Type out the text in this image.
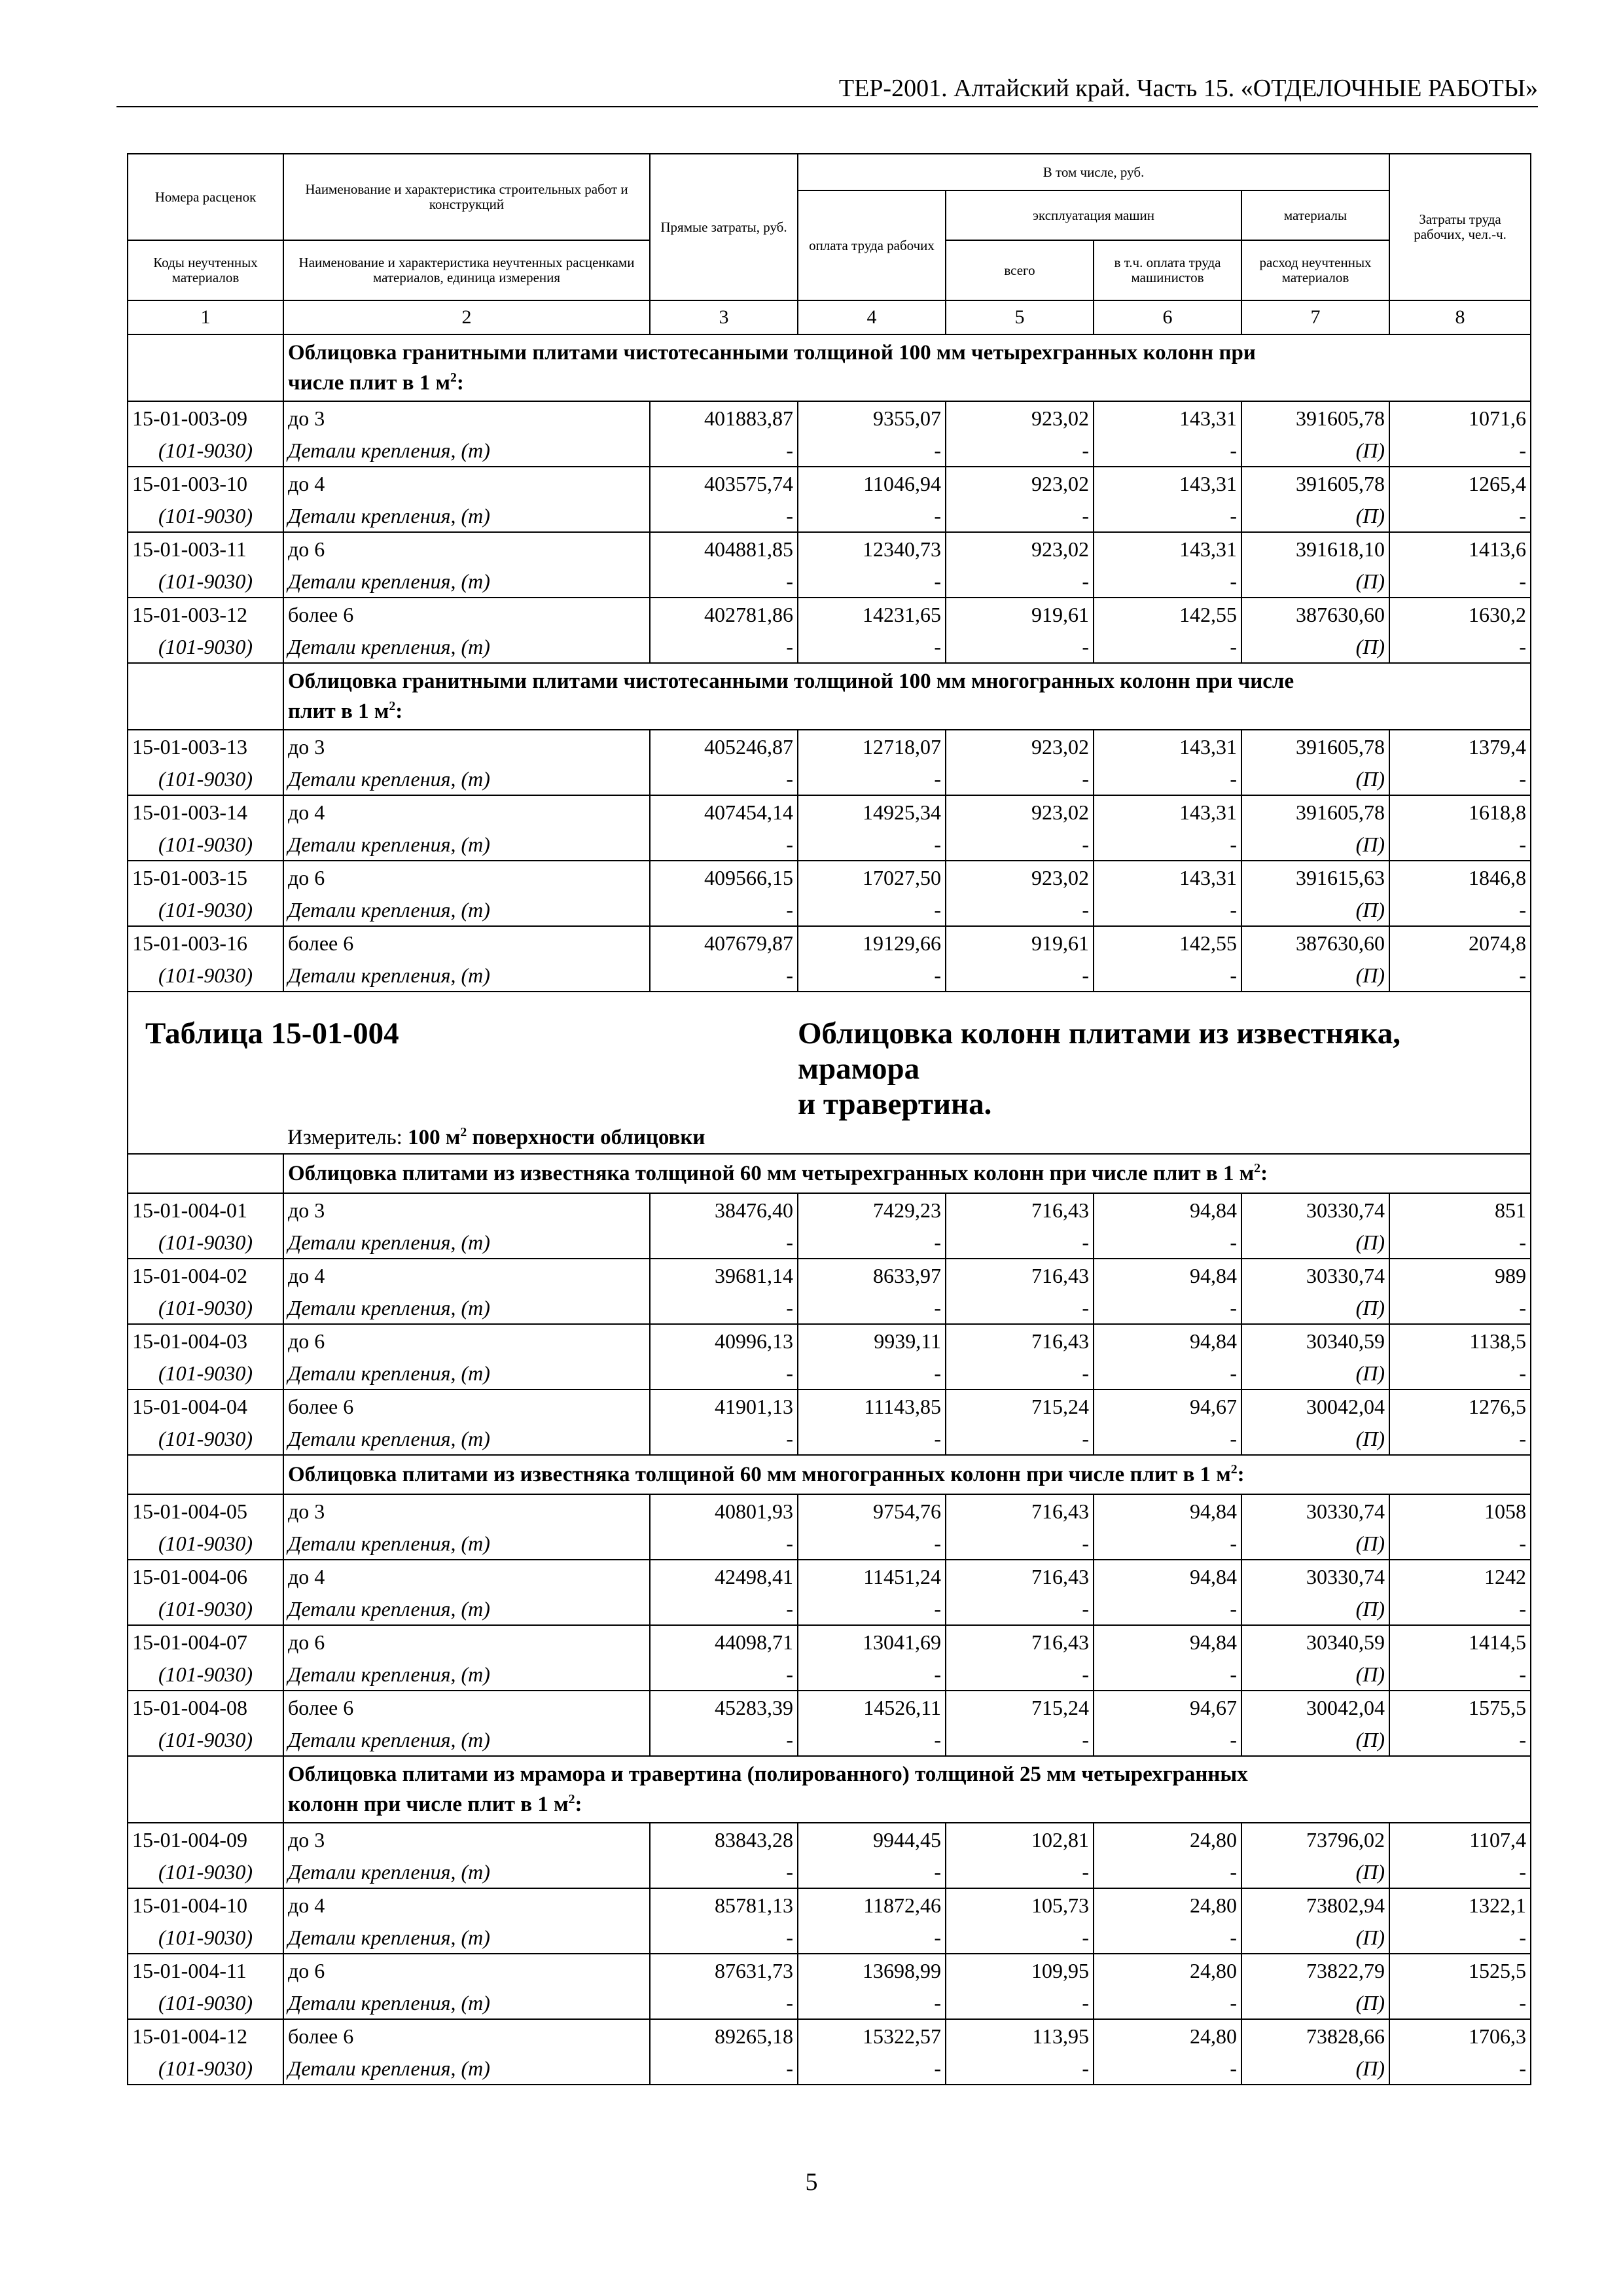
ТЕР-2001. Алтайский край. Часть 15. «ОТДЕЛОЧНЫЕ РАБОТЫ»
Номера расценок	Наименование и характеристика строительных работ и конструкций	Прямые затраты, руб.	В том числе, руб.				Затраты труда рабочих, чел.-ч.
			оплата труда рабочих	эксплуатация машин		материалы	
Коды неучтенных материалов	Наименование и характеристика неучтенных расценками материалов, единица измерения			всего	в т.ч. оплата труда машинистов	расход неучтенных материалов	

1	2	3	4	5	6	7	8
	Облицовка гранитными плитами чистотесанными толщиной 100 мм четырехгранных колонн при
числе плит в 1 $м^2$:						
15-01-003-09	до 3	401883,87	9355,07	923,02	143,31	391605,78	1071,6
(101-9030)	Детали крепления, (т)	-	-	-	-	(П)	-
15-01-003-10	до 4	403575,74	11046,94	923,02	143,31	391605,78	1265,4
(101-9030)	Детали крепления, (т)	-	-	-	-	(П)	-
15-01-003-11	до 6	404881,85	12340,73	923,02	143,31	391618,10	1413,6
(101-9030)	Детали крепления, (т)	-	-	-	-	(П)	-
15-01-003-12	более 6	402781,86	14231,65	919,61	142,55	387630,60	1630,2
(101-9030)	Детали крепления, (т)	-	-	-	-	(П)	-
	Облицовка гранитными плитами чистотесанными толщиной 100 мм многогранных колонн при числе
плит в 1 $м^2$:						
15-01-003-13	до 3	405246,87	12718,07	923,02	143,31	391605,78	1379,4
(101-9030)	Детали крепления, (т)	-	-	-	-	(П)	-
15-01-003-14	до 4	407454,14	14925,34	923,02	143,31	391605,78	1618,8
(101-9030)	Детали крепления, (т)	-	-	-	-	(П)	-
15-01-003-15	до 6	409566,15	17027,50	923,02	143,31	391615,63	1846,8
(101-9030)	Детали крепления, (т)	-	-	-	-	(П)	-
15-01-003-16	более 6	407679,87	19129,66	919,61	142,55	387630,60	2074,8
(101-9030)	Детали крепления, (т)	-	-	-	-	(П)	-
Таблица 15-01-004			Облицовка колонн плитами из известняка, мрамора
и травертина.				
	Измеритель: 100 $м^2$ поверхности облицовки						
	Облицовка плитами из известняка толщиной 60 мм четырехгранных колонн при числе плит в 1 $м^2$:						
15-01-004-01	до 3	38476,40	7429,23	716,43	94,84	30330,74	851
(101-9030)	Детали крепления, (т)	-	-	-	-	(П)	-
15-01-004-02	до 4	39681,14	8633,97	716,43	94,84	30330,74	989
(101-9030)	Детали крепления, (т)	-	-	-	-	(П)	-
15-01-004-03	до 6	40996,13	9939,11	716,43	94,84	30340,59	1138,5
(101-9030)	Детали крепления, (т)	-	-	-	-	(П)	-
15-01-004-04	более 6	41901,13	11143,85	715,24	94,67	30042,04	1276,5
(101-9030)	Детали крепления, (т)	-	-	-	-	(П)	-
	Облицовка плитами из известняка толщиной 60 мм многогранных колонн при числе плит в 1 $м^2$:						
15-01-004-05	до 3	40801,93	9754,76	716,43	94,84	30330,74	1058
(101-9030)	Детали крепления, (т)	-	-	-	-	(П)	-
15-01-004-06	до 4	42498,41	11451,24	716,43	94,84	30330,74	1242
(101-9030)	Детали крепления, (т)	-	-	-	-	(П)	-
15-01-004-07	до 6	44098,71	13041,69	716,43	94,84	30340,59	1414,5
(101-9030)	Детали крепления, (т)	-	-	-	-	(П)	-
15-01-004-08	более 6	45283,39	14526,11	715,24	94,67	30042,04	1575,5
(101-9030)	Детали крепления, (т)	-	-	-	-	(П)	-
	Облицовка плитами из мрамора и травертина (полированного) толщиной 25 мм четырехгранных
колонн при числе плит в 1 $м^2$:						
15-01-004-09	до 3	83843,28	9944,45	102,81	24,80	73796,02	1107,4
(101-9030)	Детали крепления, (т)	-	-	-	-	(П)	-
15-01-004-10	до 4	85781,13	11872,46	105,73	24,80	73802,94	1322,1
(101-9030)	Детали крепления, (т)	-	-	-	-	(П)	-
15-01-004-11	до 6	87631,73	13698,99	109,95	24,80	73822,79	1525,5
(101-9030)	Детали крепления, (т)	-	-	-	-	(П)	-
15-01-004-12	более 6	89265,18	15322,57	113,95	24,80	73828,66	1706,3
(101-9030)	Детали крепления, (т)	-	-	-	-	(П)	-
5
